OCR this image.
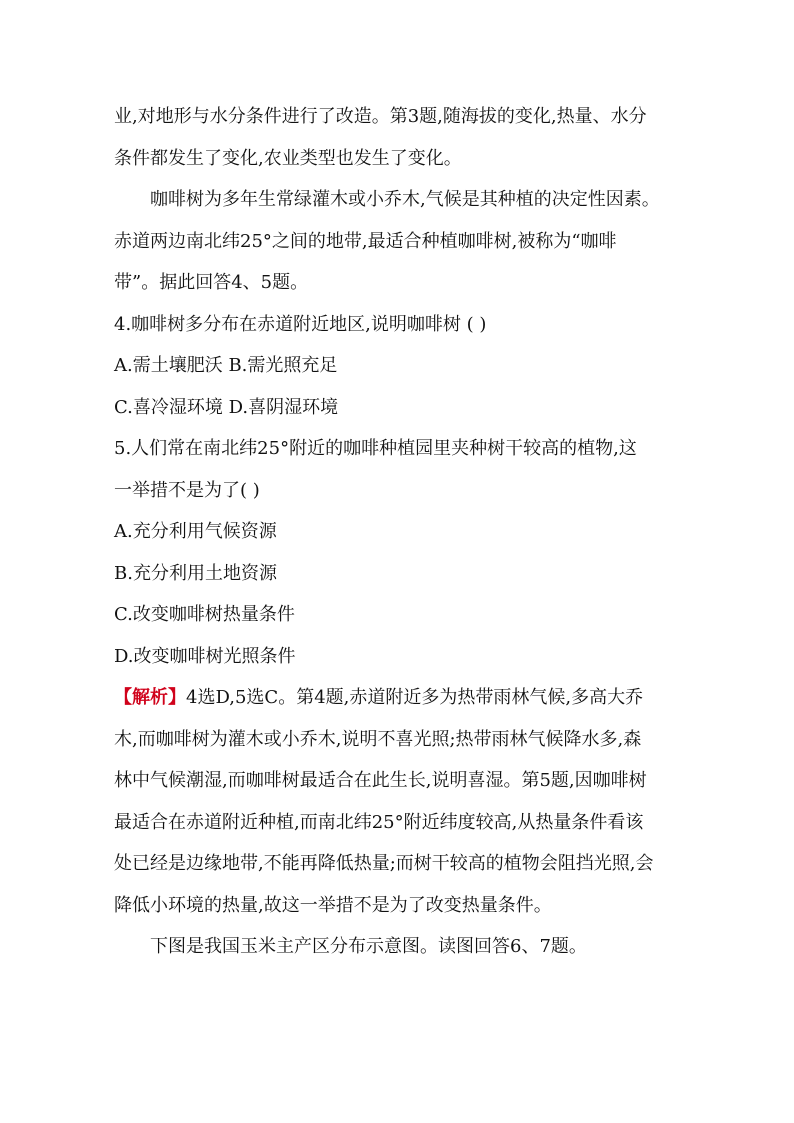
业,对地形与水分条件进行了改造。第3题,随海拔的变化,热量、水分
条件都发生了变化,农业类型也发生了变化。
咖啡树为多年生常绿灌木或小乔木,气候是其种植的决定性因素。
赤道两边南北纬25°之间的地带,最适合种植咖啡树,被称为“咖啡
带”。据此回答4、5题。
4.咖啡树多分布在赤道附近地区,说明咖啡树 ( )
A.需土壤肥沃 B.需光照充足
C.喜冷湿环境 D.喜阴湿环境
5.人们常在南北纬25°附近的咖啡种植园里夹种树干较高的植物,这
一举措不是为了( )
A.充分利用气候资源
B.充分利用土地资源
C.改变咖啡树热量条件
D.改变咖啡树光照条件
【解析】4选D,5选C。第4题,赤道附近多为热带雨林气候,多高大乔
木,而咖啡树为灌木或小乔木,说明不喜光照;热带雨林气候降水多,森
林中气候潮湿,而咖啡树最适合在此生长,说明喜湿。第5题,因咖啡树
最适合在赤道附近种植,而南北纬25°附近纬度较高,从热量条件看该
处已经是边缘地带,不能再降低热量;而树干较高的植物会阻挡光照,会
降低小环境的热量,故这一举措不是为了改变热量条件。
下图是我国玉米主产区分布示意图。读图回答6、7题。
